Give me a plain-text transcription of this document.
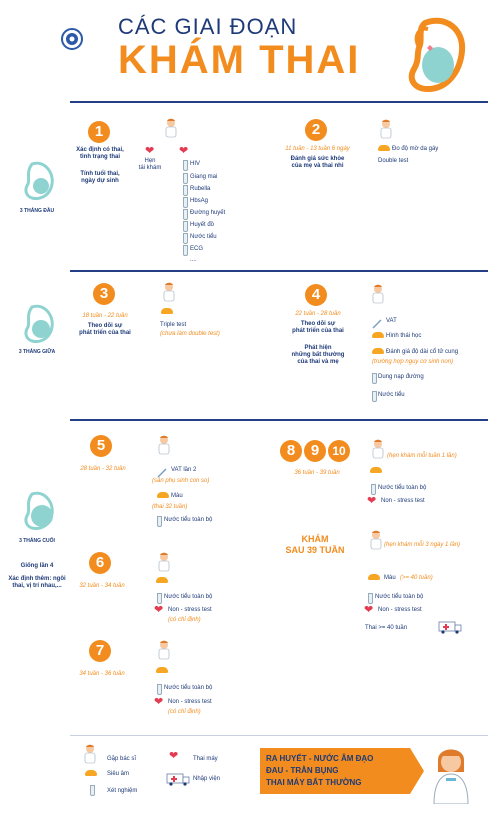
CÁC GIAI ĐOẠN
KHÁM THAI
3 THÁNG ĐẦU
1
Xác định có thai,
tình trạng thai
Tính tuổi thai,
ngày dự sinh
❤
Hẹn
tái khám
❤
HIV
Giang mai
Rubella
HbsAg
Đường huyết
Huyết đồ
Nước tiểu
ECG
....
2
11 tuần - 13 tuần 6 ngày
Đánh giá sức khỏe
của mẹ và thai nhi
Đo độ mờ da gáy
Double test
3 THÁNG GIỮA
3
18 tuần - 22 tuần
Theo dõi sự
phát triển của thai
Triple test
(chưa làm double test)
4
22 tuần - 28 tuần
Theo dõi sự
phát triển của thai
Phát hiện
những bất thường
của thai và mẹ
VAT
Hình thái học
Đánh giá độ dài cổ tử cung
(trường hợp nguy cơ sinh non)
Dung nạp đường
Nước tiểu
3 THÁNG CUỐI
Giống lần 4
Xác định thêm: ngôi
thai, vị trí nhau,...
5
28 tuần - 32 tuần	VAT lần 2
(sản phụ sinh con so)
Màu
(thai 32 tuần)
Nước tiểu toàn bộ
6
32 tuần - 34 tuần
Nước tiểu toàn bộ
❤ Non - stress test
(có chỉ định)
7
34 tuần - 36 tuần
Nước tiểu toàn bộ
❤ Non - stress test
(có chỉ định)
8	9	10
36 tuần - 39 tuần
(hẹn khám mỗi tuần 1 lần)
Nước tiểu toàn bộ
❤ Non - stress test
KHÁM
SAU 39 TUẦN	(hẹn khám mỗi 3 ngày 1 lần)
Màu (>= 40 tuần)
Nước tiểu toàn bộ
❤ Non - stress test
Thai >= 40 tuần
Gặp bác sĩ
Siêu âm
Xét nghiệm
❤ Thai máy
Nhập viện
RA HUYẾT - NƯỚC ÂM ĐẠO
ĐAU - TRẰN BỤNG
THAI MÁY BẤT THƯỜNG
